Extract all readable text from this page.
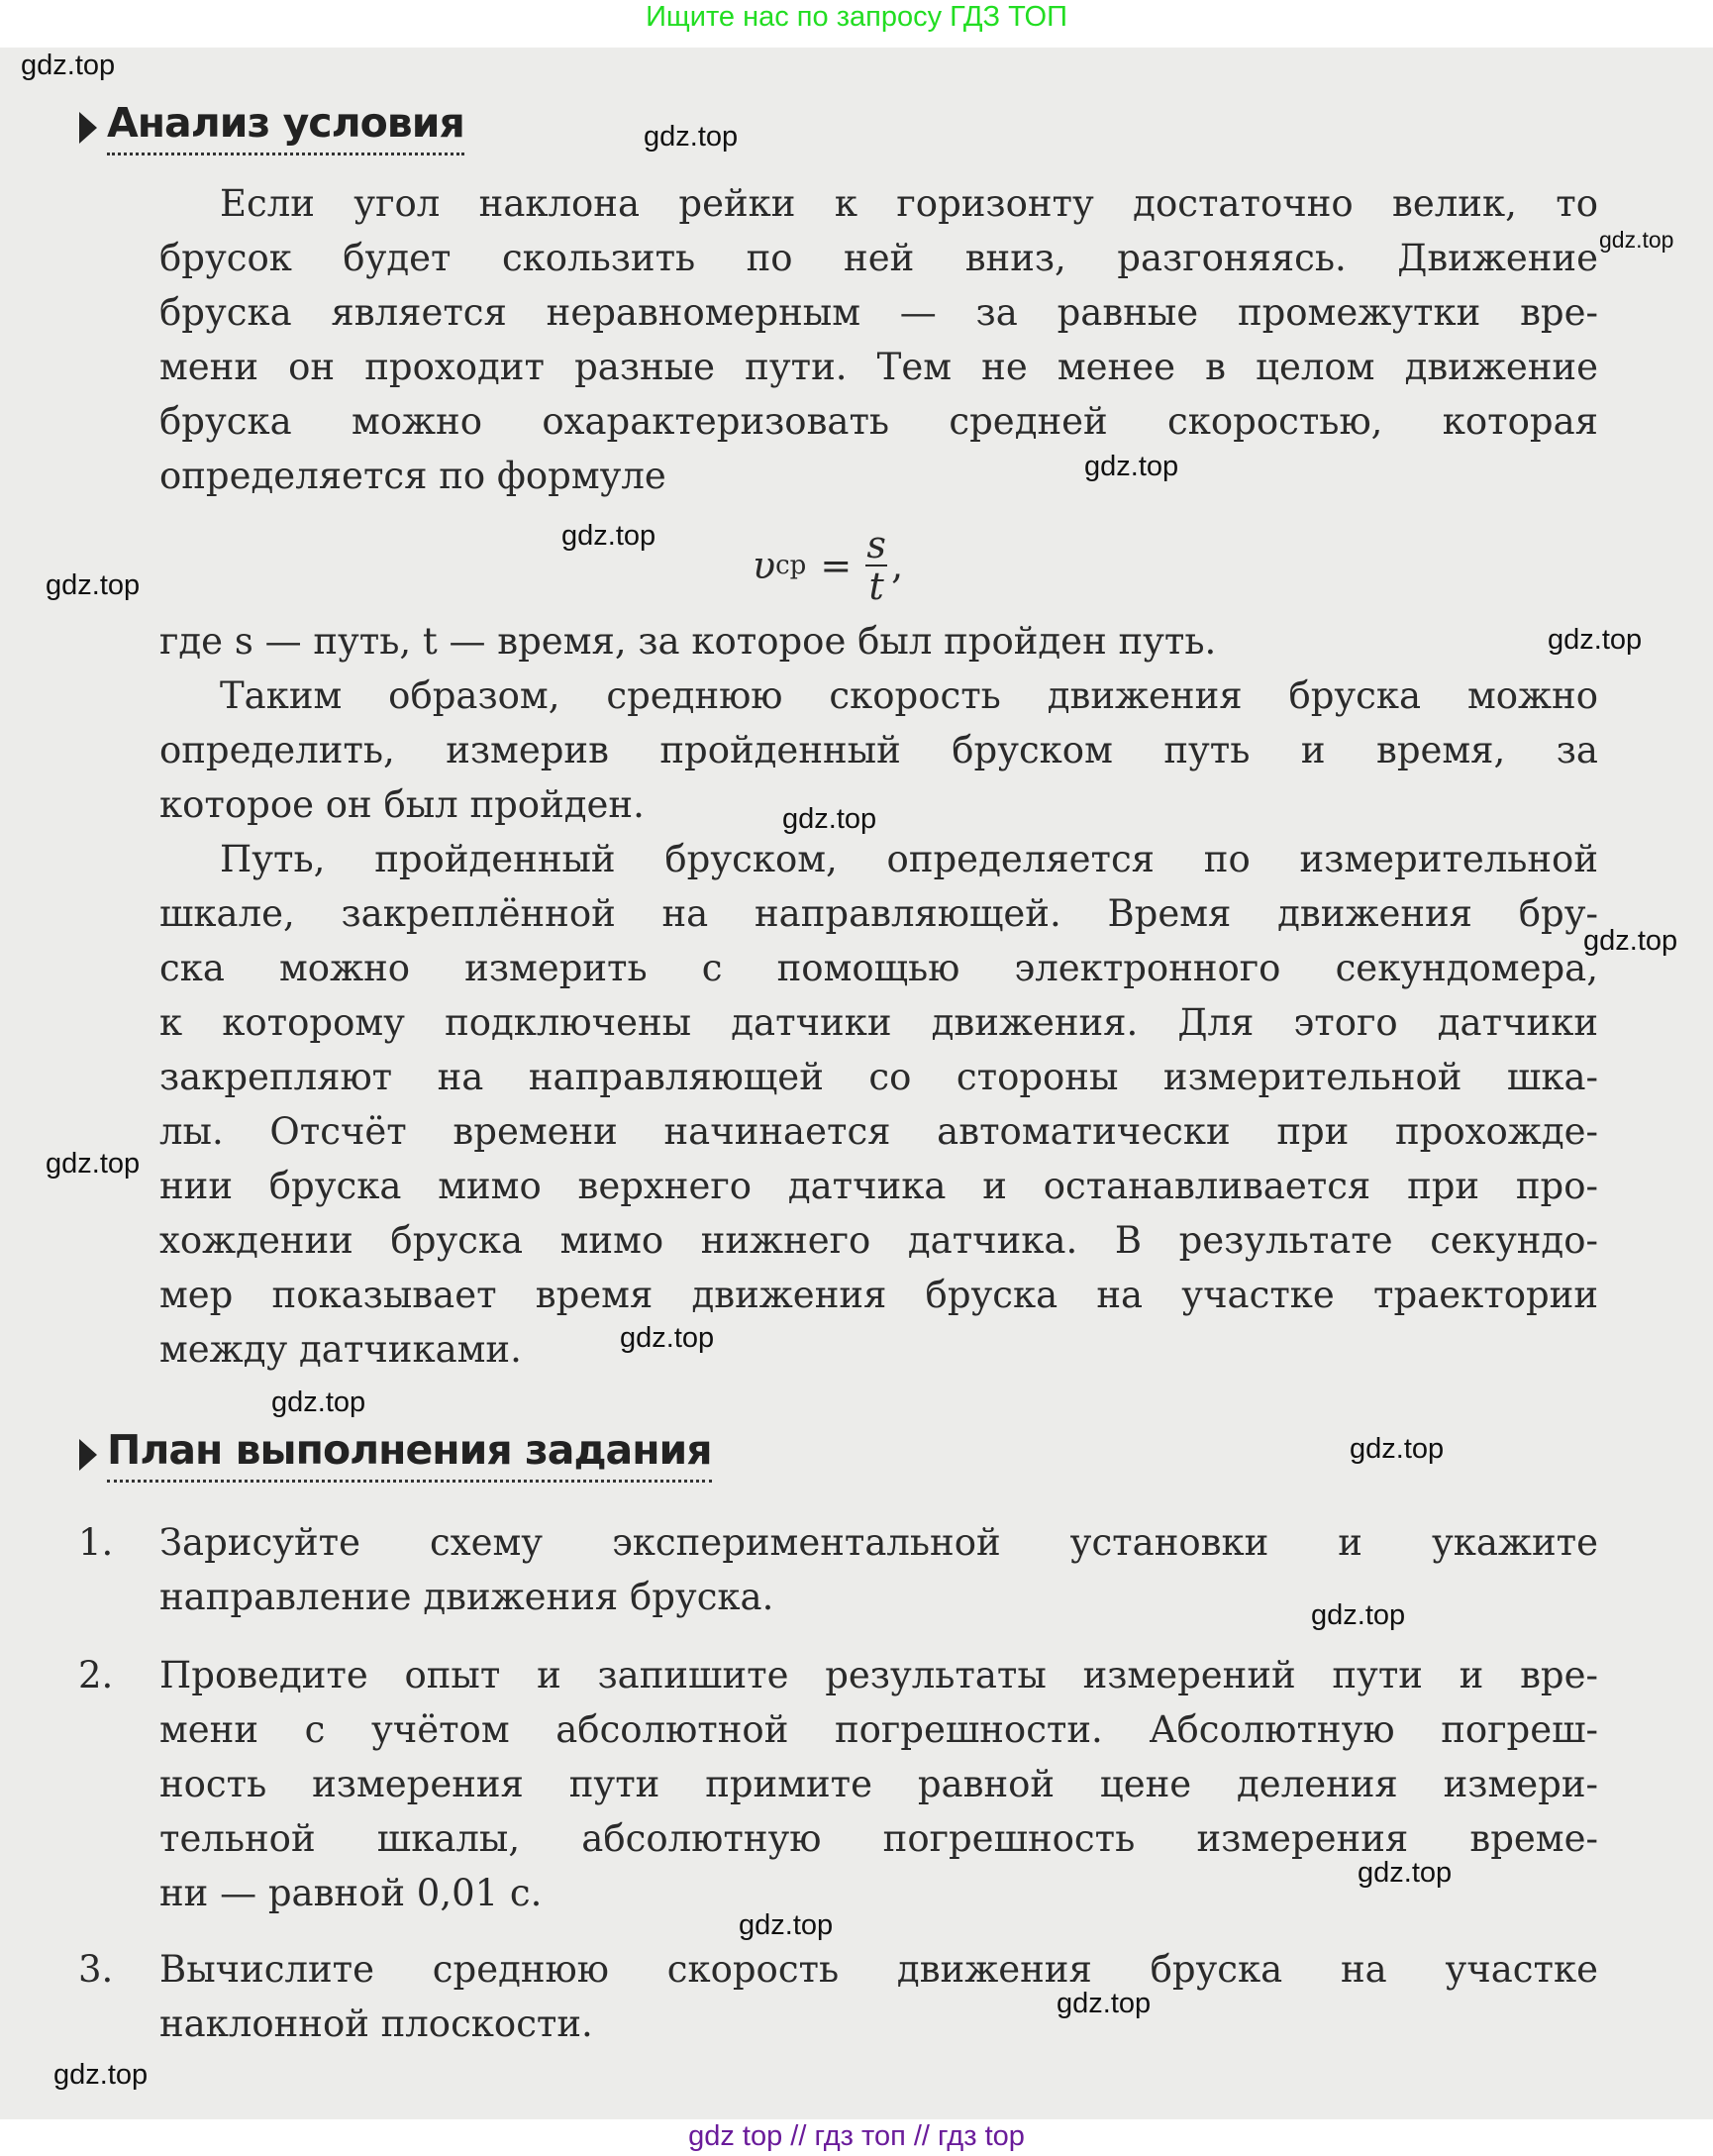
Ищите нас по запросу ГДЗ ТОП
Анализ условия
Если угол наклона рейки к горизонту достаточно велик, то
брусок будет скользить по ней вниз, разгоняясь. Движение
бруска является неравномерным — за равные промежутки вре-
мени он проходит разные пути. Тем не менее в целом движение
бруска можно охарактеризовать средней скоростью, которая
определяется по формуле
υ ср = $\frac{s}{t}$ ,
где s — путь, t — время, за которое был пройден путь.
Таким образом, среднюю скорость движения бруска можно
определить, измерив пройденный бруском путь и время, за
которое он был пройден.
Путь, пройденный бруском, определяется по измерительной
шкале, закреплённой на направляющей. Время движения бру-
ска можно измерить с помощью электронного секундомера,
к которому подключены датчики движения. Для этого датчики
закрепляют на направляющей со стороны измерительной шка-
лы. Отсчёт времени начинается автоматически при прохожде-
нии бруска мимо верхнего датчика и останавливается при про-
хождении бруска мимо нижнего датчика. В результате секундо-
мер показывает время движения бруска на участке траектории
между датчиками.
План выполнения задания
1. Зарисуйте схему экспериментальной установки и укажите
направление движения бруска.
2. Проведите опыт и запишите результаты измерений пути и вре-
мени с учётом абсолютной погрешности. Абсолютную погреш-
ность измерения пути примите равной цене деления измери-
тельной шкалы, абсолютную погрешность измерения време-
ни — равной 0,01 с.
3. Вычислите среднюю скорость движения бруска на участке
наклонной плоскости.
gdz.top
gdz.top
gdz.top
gdz.top
gdz.top
gdz.top
gdz.top
gdz.top
gdz.top
gdz.top
gdz.top
gdz.top
gdz.top
gdz.top
gdz.top
gdz.top
gdz.top
gdz.top
gdz top // гдз топ // гдз top
